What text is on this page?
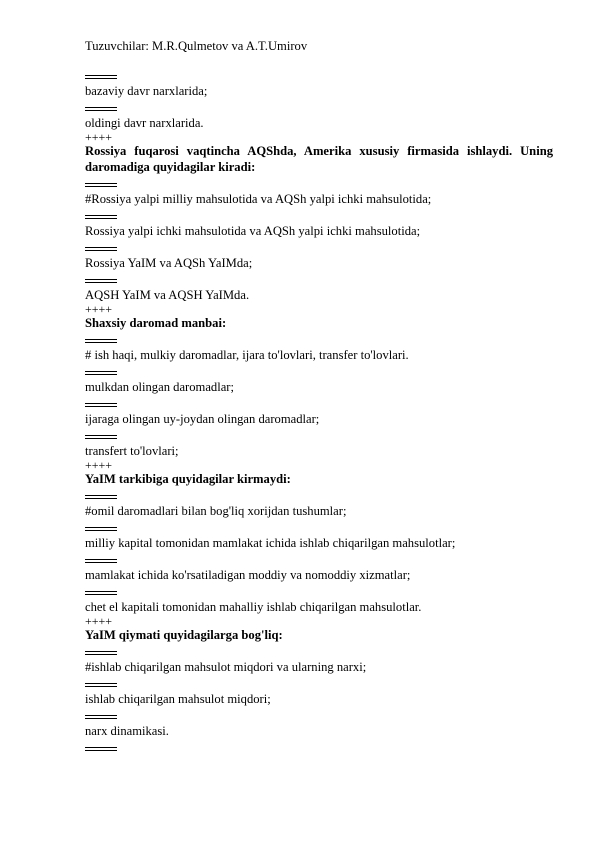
Tuzuvchilar: M.R.Qulmetov va A.T.Umirov
bazaviy davr narxlarida;
oldingi davr narxlarida.
++++
Rossiya fuqarosi vaqtincha AQShda, Amerika xususiy firmasida ishlaydi. Uning daromadiga quyidagilar kiradi:
#Rossiya yalpi milliy mahsulotida va AQSh yalpi ichki mahsulotida;
Rossiya yalpi ichki mahsulotida va AQSh yalpi ichki mahsulotida;
Rossiya YaIM va AQSh YaIMda;
AQSH YaIM va AQSH YaIMda.
++++
Shaxsiy daromad manbai:
# ish haqi, mulkiy daromadlar, ijara to'lovlari, transfer to'lovlari.
mulkdan olingan daromadlar;
ijaraga olingan uy-joydan olingan daromadlar;
transfert to'lovlari;
++++
YaIM tarkibiga quyidagilar kirmaydi:
#omil daromadlari bilan bog'liq xorijdan tushumlar;
milliy kapital tomonidan mamlakat ichida ishlab chiqarilgan mahsulotlar;
mamlakat ichida ko'rsatiladigan moddiy va nomoddiy xizmatlar;
chet el kapitali tomonidan mahalliy ishlab chiqarilgan mahsulotlar.
++++
YaIM qiymati quyidagilarga bog'liq:
#ishlab chiqarilgan mahsulot miqdori va ularning narxi;
ishlab chiqarilgan mahsulot miqdori;
narx dinamikasi.
